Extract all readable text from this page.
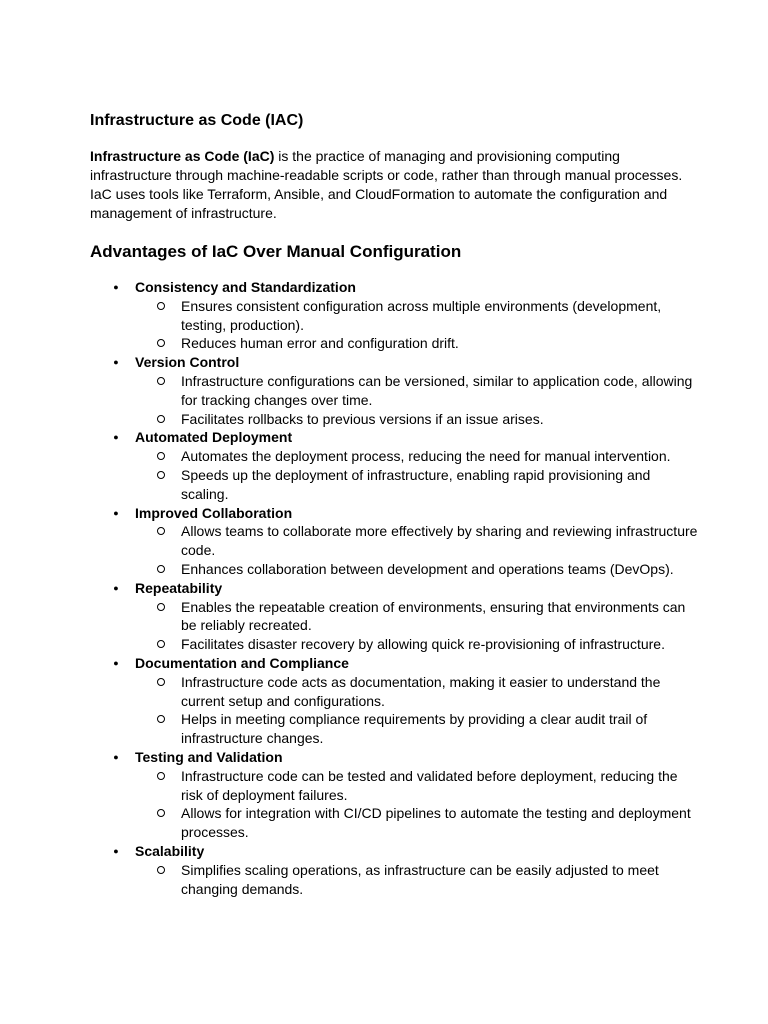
Infrastructure as Code (IAC)

Infrastructure as Code (IaC) is the practice of managing and provisioning computing infrastructure through machine-readable scripts or code, rather than through manual processes. IaC uses tools like Terraform, Ansible, and CloudFormation to automate the configuration and management of infrastructure.

Advantages of IaC Over Manual Configuration
● Consistency and Standardization
Ensures consistent configuration across multiple environments (development, testing, production).
Reduces human error and configuration drift.
● Version Control
Infrastructure configurations can be versioned, similar to application code, allowing for tracking changes over time.
Facilitates rollbacks to previous versions if an issue arises.
● Automated Deployment
Automates the deployment process, reducing the need for manual intervention.
Speeds up the deployment of infrastructure, enabling rapid provisioning and scaling.
● Improved Collaboration
Allows teams to collaborate more effectively by sharing and reviewing infrastructure code.
Enhances collaboration between development and operations teams (DevOps).
● Repeatability
Enables the repeatable creation of environments, ensuring that environments can be reliably recreated.
Facilitates disaster recovery by allowing quick re-provisioning of infrastructure.
● Documentation and Compliance
Infrastructure code acts as documentation, making it easier to understand the current setup and configurations.
Helps in meeting compliance requirements by providing a clear audit trail of infrastructure changes.
● Testing and Validation
Infrastructure code can be tested and validated before deployment, reducing the risk of deployment failures.
Allows for integration with CI/CD pipelines to automate the testing and deployment processes.
● Scalability
Simplifies scaling operations, as infrastructure can be easily adjusted to meet changing demands.
